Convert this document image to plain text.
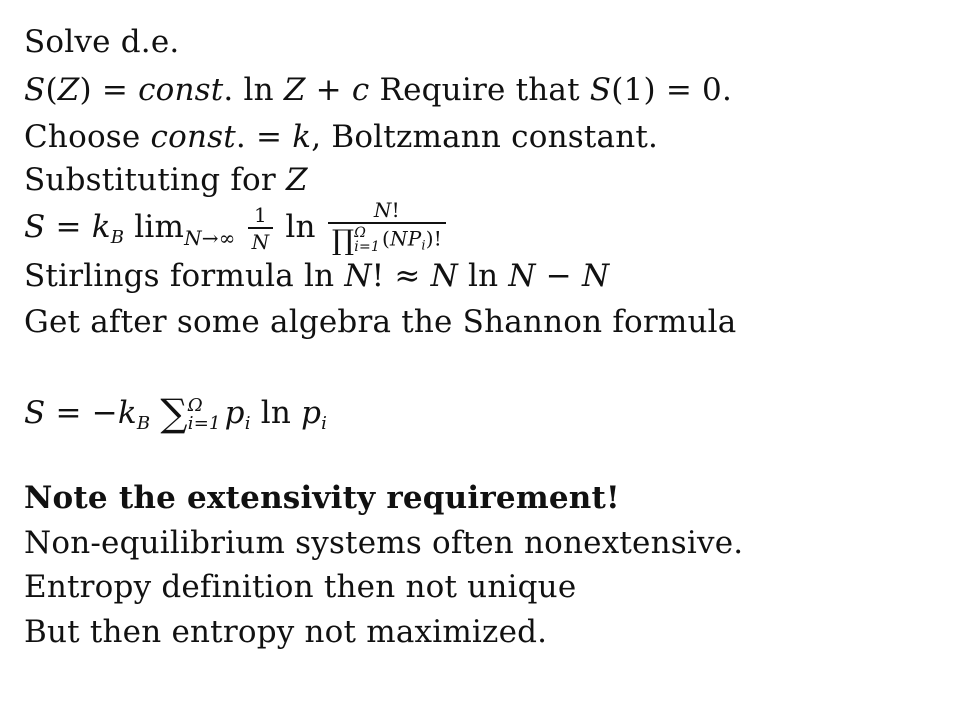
Solve d.e.
S(Z) = const. ln Z + c Require that S(1) = 0.
Choose const. = k, Boltzmann constant.
Substituting for Z
$S = k_B$ $\lim_{N\to\infty} \frac{1}{N}$ ln	N!
∏Ω
i=1 $(NP_i)$!
Stirlings formula ln N! ≈ N ln N − N
Get after some algebra the Shannon formula
$S = -k_B$ ∑Ω
i=1 $p_i$ $\ln p_i$
Note the extensivity requirement!
Non-equilibrium systems often nonextensive.
Entropy definition then not unique
But then entropy not maximized.
